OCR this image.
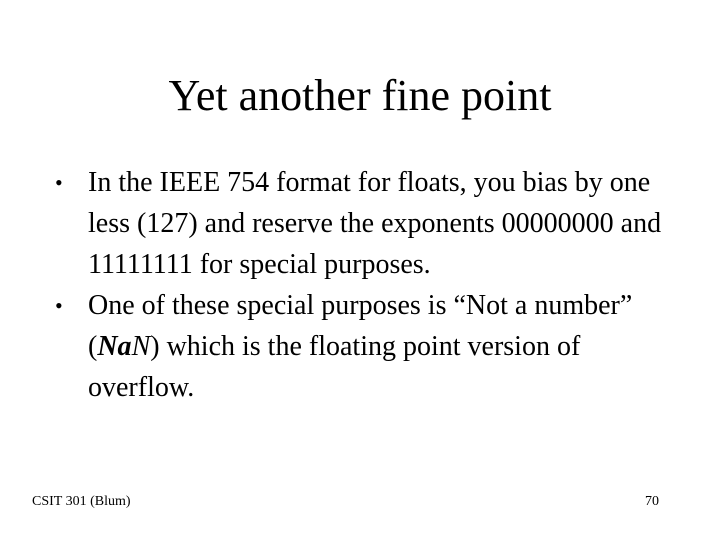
Yet another fine point
• In the IEEE 754 format for floats, you bias by one less (127) and reserve the exponents 00000000 and 11111111 for special purposes.
• One of these special purposes is “Not a number” (NaN) which is the floating point version of overflow.
CSIT 301 (Blum)	70
